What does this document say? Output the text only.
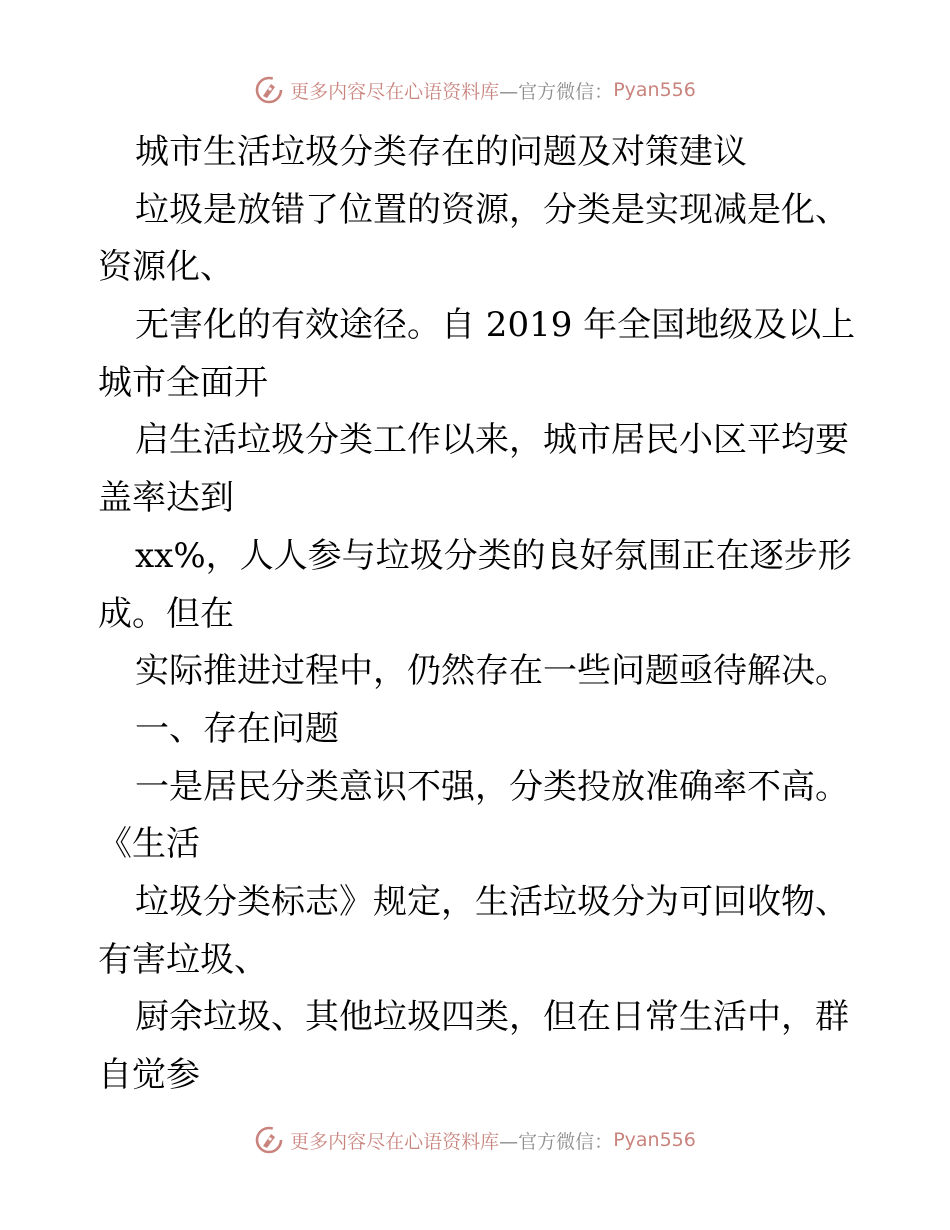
更多内容尽在心语资料库 —官方微信： Pyan556
城市生活垃圾分类存在的问题及对策建议
垃圾是放错了位置的资源，分类是实现减是化、
资源化、
无害化的有效途径。自 2019 年全国地级及以上
城市全面开
启生活垃圾分类工作以来，城市居民小区平均要
盖率达到
xx%，人人参与垃圾分类的良好氛围正在逐步形
成。但在
实际推进过程中，仍然存在一些问题亟待解决。
一、存在问题
一是居民分类意识不强，分类投放准确率不高。
《生活
垃圾分类标志》规定，生活垃圾分为可回收物、
有害垃圾、
厨余垃圾、其他垃圾四类，但在日常生活中，群
自觉参
更多内容尽在心语资料库 —官方微信： Pyan556
